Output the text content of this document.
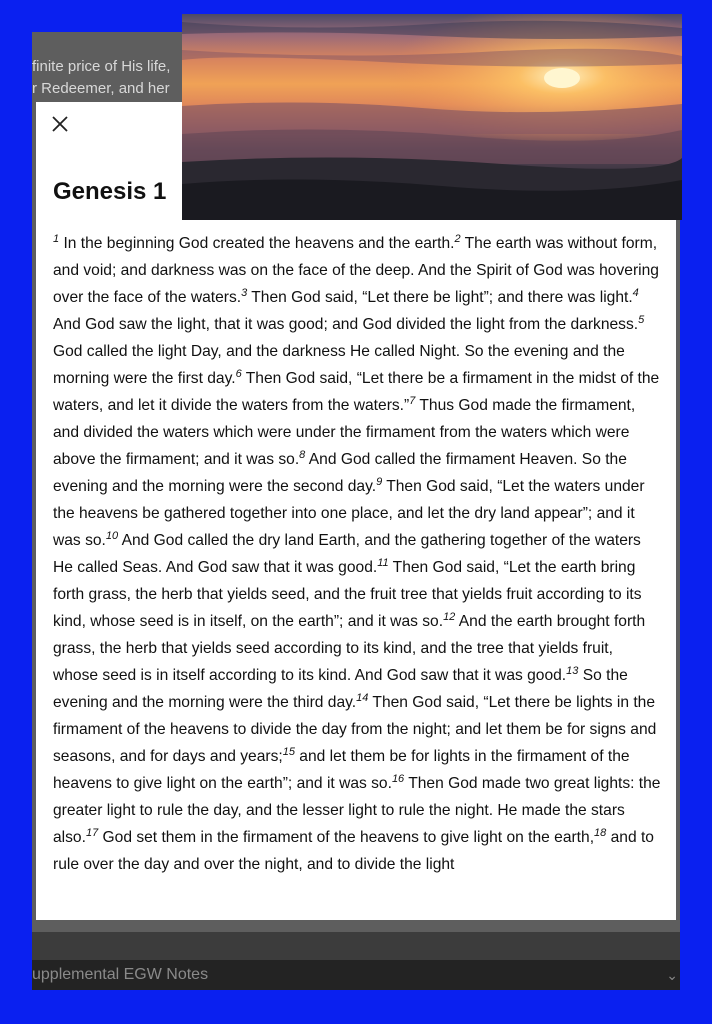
finite price of His life,
r Redeemer, and her
upplemental EGW Notes	⌄
Genesis 1
$^1$ In the beginning God created the heavens and the earth.$^2$ The earth was without form, and void; and darkness was on the face of the deep. And the Spirit of God was hovering over the face of the waters.$^3$ Then God said, “Let there be light”; and there was light.$^4$ And God saw the light, that it was good; and God divided the light from the darkness.$^5$ God called the light Day, and the darkness He called Night. So the evening and the morning were the first day.$^6$ Then God said, “Let there be a firmament in the midst of the waters, and let it divide the waters from the waters.”$^7$ Thus God made the firmament, and divided the waters which were under the firmament from the waters which were above the firmament; and it was so.$^8$ And God called the firmament Heaven. So the evening and the morning were the second day.$^9$ Then God said, “Let the waters under the heavens be gathered together into one place, and let the dry land appear”; and it was so.$^{10}$ And God called the dry land Earth, and the gathering together of the waters He called Seas. And God saw that it was good.$^{11}$ Then God said, “Let the earth bring forth grass, the herb that yields seed, and the fruit tree that yields fruit according to its kind, whose seed is in itself, on the earth”; and it was so.$^{12}$ And the earth brought forth grass, the herb that yields seed according to its kind, and the tree that yields fruit, whose seed is in itself according to its kind. And God saw that it was good.$^{13}$ So the evening and the morning were the third day.$^{14}$ Then God said, “Let there be lights in the firmament of the heavens to divide the day from the night; and let them be for signs and seasons, and for days and years;$^{15}$ and let them be for lights in the firmament of the heavens to give light on the earth”; and it was so.$^{16}$ Then God made two great lights: the greater light to rule the day, and the lesser light to rule the night. He made the stars also.$^{17}$ God set them in the firmament of the heavens to give light on the earth,$^{18}$ and to rule over the day and over the night, and to divide the light
